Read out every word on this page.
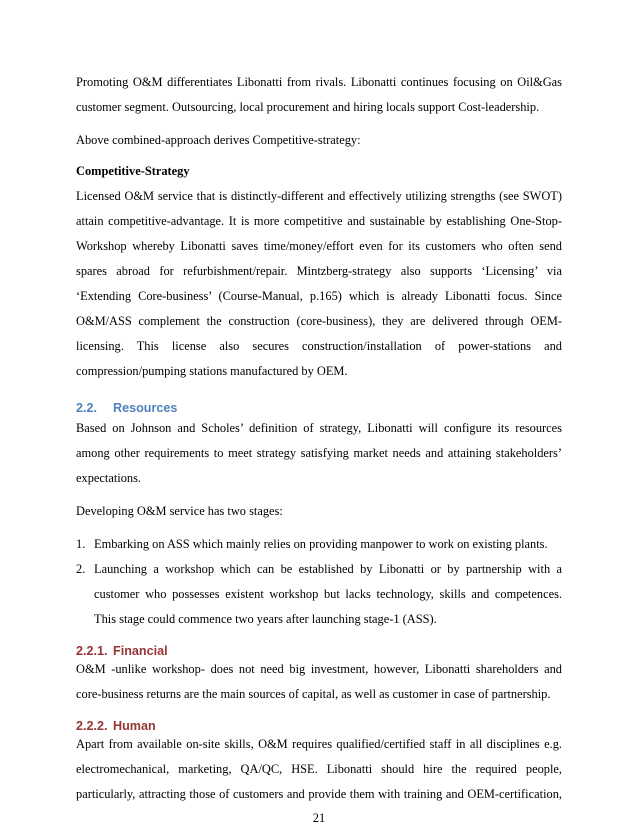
Promoting O&M differentiates Libonatti from rivals. Libonatti continues focusing on Oil&Gas
customer segment. Outsourcing, local procurement and hiring locals support Cost-leadership.
Above combined-approach derives Competitive-strategy:
Competitive-Strategy
Licensed O&M service that is distinctly-different and effectively utilizing strengths (see SWOT)
attain competitive-advantage. It is more competitive and sustainable by establishing One-Stop-
Workshop whereby Libonatti saves time/money/effort even for its customers who often send
spares abroad for refurbishment/repair. Mintzberg-strategy also supports ‘Licensing’ via
‘Extending Core-business’ (Course-Manual, p.165) which is already Libonatti focus. Since
O&M/ASS complement the construction (core-business), they are delivered through OEM-
licensing. This license also secures construction/installation of power-stations and
compression/pumping stations manufactured by OEM.
2.2. Resources
Based on Johnson and Scholes’ definition of strategy, Libonatti will configure its resources
among other requirements to meet strategy satisfying market needs and attaining stakeholders’
expectations.
Developing O&M service has two stages:
1. Embarking on ASS which mainly relies on providing manpower to work on existing plants.
2. Launching a workshop which can be established by Libonatti or by partnership with a
customer who possesses existent workshop but lacks technology, skills and competences.
This stage could commence two years after launching stage-1 (ASS).
2.2.1. Financial
O&M -unlike workshop- does not need big investment, however, Libonatti shareholders and
core-business returns are the main sources of capital, as well as customer in case of partnership.
2.2.2. Human
Apart from available on-site skills, O&M requires qualified/certified staff in all disciplines e.g.
electromechanical, marketing, QA/QC, HSE. Libonatti should hire the required people,
particularly, attracting those of customers and provide them with training and OEM-certification,
21
